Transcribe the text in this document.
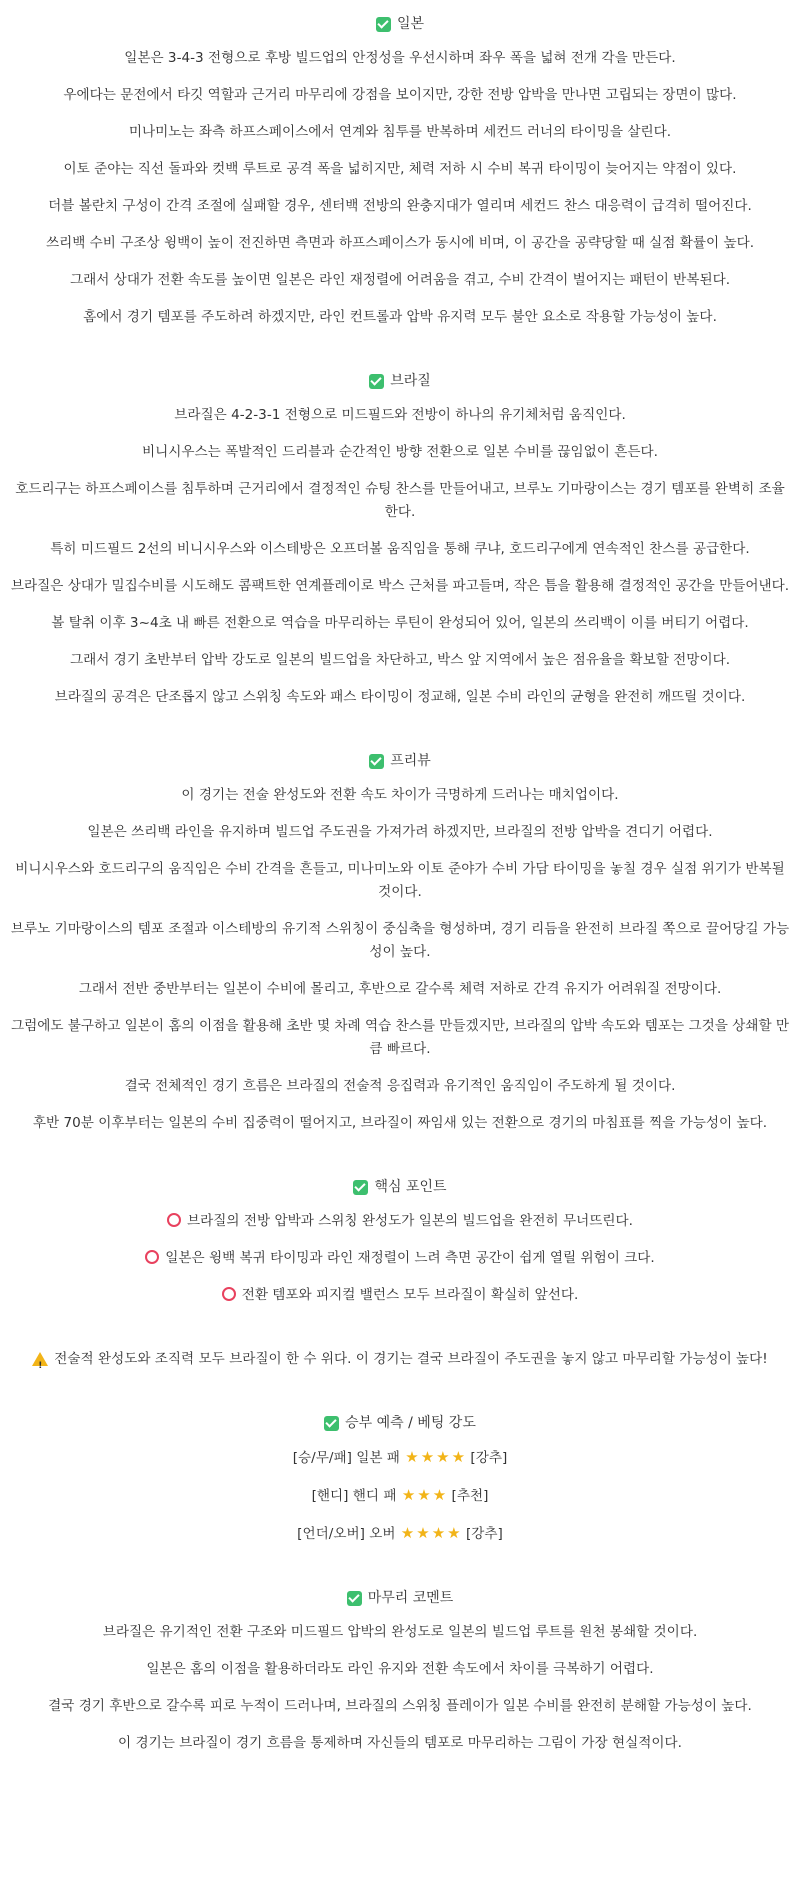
일본

일본은 3-4-3 전형으로 후방 빌드업의 안정성을 우선시하며 좌우 폭을 넓혀 전개 각을 만든다.

우에다는 문전에서 타깃 역할과 근거리 마무리에 강점을 보이지만, 강한 전방 압박을 만나면 고립되는 장면이 많다.

미나미노는 좌측 하프스페이스에서 연계와 침투를 반복하며 세컨드 러너의 타이밍을 살린다.

이토 준야는 직선 돌파와 컷백 루트로 공격 폭을 넓히지만, 체력 저하 시 수비 복귀 타이밍이 늦어지는 약점이 있다.

더블 볼란치 구성이 간격 조절에 실패할 경우, 센터백 전방의 완충지대가 열리며 세컨드 찬스 대응력이 급격히 떨어진다.

쓰리백 수비 구조상 윙백이 높이 전진하면 측면과 하프스페이스가 동시에 비며, 이 공간을 공략당할 때 실점 확률이 높다.

그래서 상대가 전환 속도를 높이면 일본은 라인 재정렬에 어려움을 겪고, 수비 간격이 벌어지는 패턴이 반복된다.

홈에서 경기 템포를 주도하려 하겠지만, 라인 컨트롤과 압박 유지력 모두 불안 요소로 작용할 가능성이 높다.

브라질

브라질은 4-2-3-1 전형으로 미드필드와 전방이 하나의 유기체처럼 움직인다.

비니시우스는 폭발적인 드리블과 순간적인 방향 전환으로 일본 수비를 끊임없이 흔든다.

호드리구는 하프스페이스를 침투하며 근거리에서 결정적인 슈팅 찬스를 만들어내고, 브루노 기마랑이스는 경기 템포를 완벽히 조율한다.

특히 미드필드 2선의 비니시우스와 이스테방은 오프더볼 움직임을 통해 쿠냐, 호드리구에게 연속적인 찬스를 공급한다.

브라질은 상대가 밀집수비를 시도해도 콤팩트한 연계플레이로 박스 근처를 파고들며, 작은 틈을 활용해 결정적인 공간을 만들어낸다.

볼 탈취 이후 3~4초 내 빠른 전환으로 역습을 마무리하는 루틴이 완성되어 있어, 일본의 쓰리백이 이를 버티기 어렵다.

그래서 경기 초반부터 압박 강도로 일본의 빌드업을 차단하고, 박스 앞 지역에서 높은 점유율을 확보할 전망이다.

브라질의 공격은 단조롭지 않고 스위칭 속도와 패스 타이밍이 정교해, 일본 수비 라인의 균형을 완전히 깨뜨릴 것이다.

프리뷰

이 경기는 전술 완성도와 전환 속도 차이가 극명하게 드러나는 매치업이다.

일본은 쓰리백 라인을 유지하며 빌드업 주도권을 가져가려 하겠지만, 브라질의 전방 압박을 견디기 어렵다.

비니시우스와 호드리구의 움직임은 수비 간격을 흔들고, 미나미노와 이토 준야가 수비 가담 타이밍을 놓칠 경우 실점 위기가 반복될 것이다.

브루노 기마랑이스의 템포 조절과 이스테방의 유기적 스위칭이 중심축을 형성하며, 경기 리듬을 완전히 브라질 쪽으로 끌어당길 가능성이 높다.

그래서 전반 중반부터는 일본이 수비에 몰리고, 후반으로 갈수록 체력 저하로 간격 유지가 어려워질 전망이다.

그럼에도 불구하고 일본이 홈의 이점을 활용해 초반 몇 차례 역습 찬스를 만들겠지만, 브라질의 압박 속도와 템포는 그것을 상쇄할 만큼 빠르다.

결국 전체적인 경기 흐름은 브라질의 전술적 응집력과 유기적인 움직임이 주도하게 될 것이다.

후반 70분 이후부터는 일본의 수비 집중력이 떨어지고, 브라질이 짜임새 있는 전환으로 경기의 마침표를 찍을 가능성이 높다.

핵심 포인트

브라질의 전방 압박과 스위칭 완성도가 일본의 빌드업을 완전히 무너뜨린다.

일본은 윙백 복귀 타이밍과 라인 재정렬이 느려 측면 공간이 쉽게 열릴 위험이 크다.

전환 템포와 피지컬 밸런스 모두 브라질이 확실히 앞선다.

!
전술적 완성도와 조직력 모두 브라질이 한 수 위다. 이 경기는 결국 브라질이 주도권을 놓지 않고 마무리할 가능성이 높다!
승부 예측 / 베팅 강도
[승/무/패] 일본 패 ★ ★ ★ ★ [강추]
[핸디] 핸디 패 ★ ★ ★ [추천]
[언더/오버] 오버 ★ ★ ★ ★ [강추]
마무리 코멘트

브라질은 유기적인 전환 구조와 미드필드 압박의 완성도로 일본의 빌드업 루트를 원천 봉쇄할 것이다.

일본은 홈의 이점을 활용하더라도 라인 유지와 전환 속도에서 차이를 극복하기 어렵다.

결국 경기 후반으로 갈수록 피로 누적이 드러나며, 브라질의 스위칭 플레이가 일본 수비를 완전히 분해할 가능성이 높다.

이 경기는 브라질이 경기 흐름을 통제하며 자신들의 템포로 마무리하는 그림이 가장 현실적이다.
